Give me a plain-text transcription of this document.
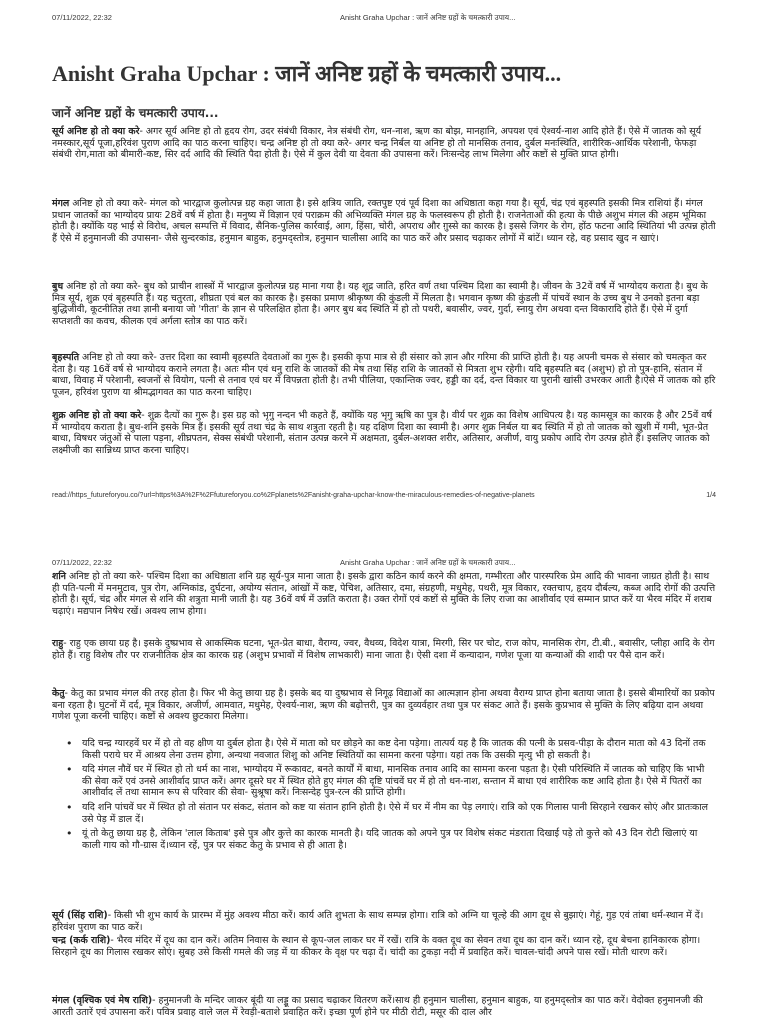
07/11/2022, 22:32	Anisht Graha Upchar : जानें अनिष्ट ग्रहों के चमत्कारी उपाय...
Anisht Graha Upchar : जानें अनिष्ट ग्रहों के चमत्कारी उपाय...
जानें अनिष्ट ग्रहों के चमत्कारी उपाय...
सूर्य अनिष्ट हो तो क्या करे- अगर सूर्य अनिष्ट हो तो हृदय रोग, उदर संबंधी विकार, नेत्र संबंधी रोग, धन-नाश, ऋण का बोझ, मानहानि, अपयश एवं ऐश्वर्य-नाश आदि होते हैं। ऐसे में जातक को सूर्य नमस्कार,सूर्य पूजा,हरिवंश पुराण आदि का पाठ करना चाहिए। चन्द्र अनिष्ट हो तो क्या करे- अगर चन्द्र निर्बल या अनिष्ट हो तो मानसिक तनाव, दुर्बल मनःस्थिति, शारीरिक-आर्थिक परेशानी, फेफड़ा संबंधी रोग,माता को बीमारी-कष्ट, सिर दर्द आदि की स्थिति पैदा होती है। ऐसे में कुल देवी या देवता की उपासना करें। निःसन्देह लाभ मिलेगा और कष्टों से मुक्ति प्राप्त होगी।
मंगल अनिष्ट हो तो क्या करे- मंगल को भारद्वाज कुलोत्पन्न ग्रह कहा जाता है। इसे क्षत्रिय जाति, रक्तपुष्ट एवं पूर्व दिशा का अधिष्ठाता कहा गया है। सूर्य, चंद्र एवं बृहस्पति इसकी मित्र राशियां हैं। मंगल प्रधान जातकों का भाग्योदय प्रायः 28वें वर्ष में होता है। मनुष्य में विज्ञान एवं पराक्रम की अभिव्यक्ति मंगल ग्रह के फलस्वरूप ही होती है। राजनेताओं की हत्या के पीछे अशुभ मंगल की अहम भूमिका होती है। क्योंकि यह भाई से विरोध, अचल सम्पत्ति में विवाद, सैनिक-पुलिस कार्रवाई, आग, हिंसा, चोरी, अपराध और ग़ुस्से का कारक है। इससे जिगर के रोग, होंठ फटना आदि स्थितियां भी उत्पन्न होती हैं ऐसे में हनुमानजी की उपासना- जैसे सुन्दरकांड, हनुमान बाहुक, हनुमद्स्तोत्र, हनुमान चालीसा आदि का पाठ करें और प्रसाद चढ़ाकर लोगों में बांटें। ध्यान रहे, वह प्रसाद खुद न खाएं।
बुध अनिष्ट हो तो क्या करे- बुध को प्राचीन शास्त्रों में भारद्वाज कुलोत्पन्न ग्रह माना गया है। यह शूद्र जाति, हरित वर्ण तथा पश्चिम दिशा का स्वामी है। जीवन के 32वें वर्ष में भाग्योदय कराता है। बुध के मित्र सूर्य, शुक्र एवं बृहस्पति हैं। यह चतुरता, शीघ्रता एवं बल का कारक है। इसका प्रमाण श्रीकृष्ण की कुंडली में मिलता है। भगवान कृष्ण की कुंडली में पांचवें स्थान के उच्च बुध ने उनको इतना बड़ा बुद्धिजीवी, कूटनीतिज्ञ तथा ज्ञानी बनाया जो 'गीता' के ज्ञान से परिलक्षित होता है। अगर बुध बद स्थिति में हो तो पथरी, बवासीर, ज्वर, गुर्दा, स्नायु रोग अथवा दन्त विकारादि होते हैं। ऐसे में दुर्गा सप्तशती का कवच, कीलक एवं अर्गला स्तोत्र का पाठ करें।
बृहस्पति अनिष्ट हो तो क्या करे- उत्तर दिशा का स्वामी बृहस्पति देवताओं का गुरू है। इसकी कृपा मात्र से ही संसार को ज्ञान और गरिमा की प्राप्ति होती है। यह अपनी चमक से संसार को चमत्कृत कर देता है। यह 16वें वर्ष से भाग्योदय कराने लगता है। अतः मीन एवं धनु राशि के जातकों की मेष तथा सिंह राशि के जातकों से मित्रता शुभ रहेगी। यदि बृहस्पति बद (अशुभ) हो तो पुत्र-हानि, संतान में बाधा, विवाह में परेशानी, स्वजनों से वियोग, पत्नी से तनाव एवं घर में विपन्नता होती है। तभी पीलिया, एकान्तिक ज्वर, हड्डी का दर्द, दन्त विकार या पुरानी खांसी उभरकर आती है।ऐसे में जातक को हरि पूजन, हरिवंश पुराण या श्रीमद्भागवत का पाठ करना चाहिए।
शुक्र अनिष्ट हो तो क्या करे- शुक्र दैत्यों का गुरू है। इस ग्रह को भृगु नन्दन भी कहते हैं, क्योंकि यह भृगु ऋषि का पुत्र है। वीर्य पर शुक्र का विशेष आधिपत्य है। यह कामसूत्र का कारक है और 25वें वर्ष में भाग्योदय कराता है। बुध-शनि इसके मित्र हैं। इसकी सूर्य तथा चंद्र के साथ शत्रुता रहती है। यह दक्षिण दिशा का स्वामी है। अगर शुक्र निर्बल या बद स्थिति में हो तो जातक को खुशी में गमी, भूत-प्रेत बाधा, विषधर जंतुओं से पाला पड़ना, शीघ्रपतन, सेक्स संबंधी परेशानी, संतान उत्पन्न करने में अक्षमता, दुर्बल-अशक्त शरीर, अतिसार, अजीर्ण, वायु प्रकोप आदि रोग उत्पन्न होते हैं। इसलिए जातक को लक्ष्मीजी का सान्निध्य प्राप्त करना चाहिए।
read://https_futureforyou.co/?url=https%3A%2F%2Ffutureforyou.co%2Fplanets%2Fanisht-graha-upchar-know-the-miraculous-remedies-of-negative-planets	1/4
07/11/2022, 22:32	Anisht Graha Upchar : जानें अनिष्ट ग्रहों के चमत्कारी उपाय...
शनि अनिष्ट हो तो क्या करे- पश्चिम दिशा का अधिष्ठाता शनि ग्रह सूर्य-पुत्र माना जाता है। इसके द्वारा कठिन कार्य करने की क्षमता, गम्भीरता और पारस्परिक प्रेम आदि की भावना जाग्रत होती है। साथ ही पति-पत्नी में मनमुटाव, पुत्र रोग, अग्निकांड, दुर्घटना, अयोग्य संतान, आंखों में कष्ट, पेचिश, अतिसार, दमा, संग्रहणी, मधुमेह, पथरी, मूत्र विकार, रक्तचाप, हृदय दौर्बल्य, कब्ज आदि रोगों की उत्पत्ति होती है। सूर्य, चंद्र और मंगल से शनि की शत्रुता मानी जाती है। यह 36वें वर्ष में उन्नति कराता है। उक्त रोगों एवं कष्टों से मुक्ति के लिए राजा का आशीर्वाद एवं सम्मान प्राप्त करें या भैरव मंदिर में शराब चढ़ाएं। मद्यपान निषेध रखें। अवश्य लाभ होगा।
राहु- राहु एक छाया ग्रह है। इसके दुष्प्रभाव से आकस्मिक घटना, भूत-प्रेत बाधा, वैराग्य, ज्वर, वैधव्य, विदेश यात्रा, मिरगी, सिर पर चोट, राज कोप, मानसिक रोग, टी.बी., बवासीर, प्लीहा आदि के रोग होते हैं। राहु विशेष तौर पर राजनीतिक क्षेत्र का कारक ग्रह (अशुभ प्रभावों में विशेष लाभकारी) माना जाता है। ऐसी दशा में कन्यादान, गणेश पूजा या कन्याओं की शादी पर पैसे दान करें।
केतु- केतु का प्रभाव मंगल की तरह होता है। फिर भी केतु छाया ग्रह है। इसके बद या दुष्प्रभाव से निगूढ़ विद्याओं का आत्मज्ञान होना अथवा वैराग्य प्राप्त होना बताया जाता है। इससे बीमारियों का प्रकोप बना रहता है। घुटनों में दर्द, मूत्र विकार, अजीर्ण, आमवात, मधुमेह, ऐश्वर्य-नाश, ऋण की बढ़ोत्तरी, पुत्र का दुव्यर्वहार तथा पुत्र पर संकट आते हैं। इसके कुप्रभाव से मुक्ति के लिए बढ़िया दान अथवा गणेश पूजा करनी चाहिए। कष्टों से अवश्य छुटकारा मिलेगा।
• यदि चन्द्र ग्यारहवें घर में हो तो वह क्षीण या दुर्बल होता है। ऐसे में माता को घर छोड़ने का कष्ट देना पड़ेगा। तात्पर्य यह है कि जातक की पत्नी के प्रसव-पीड़ा के दौरान माता को 43 दिनों तक किसी पराये घर में आश्रय लेना उत्तम होगा, अन्यथा नवजात शिशु को अनिष्ट स्थितियों का सामना करना पड़ेगा। यहां तक कि उसकी मृत्यु भी हो सकती है।
• यदि मंगल नौवें घर में स्थित हो तो धर्म का नाश, भाग्योदय में रूकावट, बनते कार्यों में बाधा, मानसिक तनाव आदि का सामना करना पड़ता है। ऐसी परिस्थिति में जातक को चाहिए कि भाभी की सेवा करें एवं उनसे आशीर्वाद प्राप्त करें। अगर दूसरे घर में स्थित होते हुए मंगल की दृष्टि पांचवें घर में हो तो धन-नाश, सन्तान में बाधा एवं शारीरिक कष्ट आदि होता है। ऐसे में पितरों का आशीर्वाद लें तथा सामान रूप से परिवार की सेवा- सुश्रूषा करें। निःसन्देह पुत्र-रत्न की प्राप्ति होगी।
• यदि शनि पांचवें घर में स्थित हो तो संतान पर संकट, संतान को कष्ट या संतान हानि होती है। ऐसे में घर में नीम का पेड़ लगाएं। रात्रि को एक गिलास पानी सिरहाने रखकर सोएं और प्रातःकाल उसे पेड़ में डाल दें।
• यूं तो केतु छाया ग्रह है, लेकिन 'लाल किताब' इसे पुत्र और कुत्ते का कारक मानती है। यदि जातक को अपने पुत्र पर विशेष संकट मंडराता दिखाई पड़े तो कुत्ते को 43 दिन रोटी खिलाएं या काली गाय को गौ-ग्रास दें।ध्यान रहें, पुत्र पर संकट केतु के प्रभाव से ही आता है।
सूर्य (सिंह राशि)- किसी भी शुभ कार्य के प्रारम्भ में मुंह अवश्य मीठा करें। कार्य अति शुभता के साथ सम्पन्न होगा। रात्रि को अग्नि या चूल्हे की आग दूध से बुझाएं। गेहूं, गुड़ एवं तांबा धर्म-स्थान में दें। हरिवंश पुराण का पाठ करें।
चन्द्र (कर्क राशि)- भैरव मंदिर में दूध का दान करें। अतिम निवास के स्थान से कूप-जल लाकर घर में रखें। रात्रि के वक्त दूध का सेवन तथा दूध का दान करें। ध्यान रहे, दूध बेचना हानिकारक होगा। सिरहाने दूध का गिलास रखकर सोएं। सुबह उसे किसी गमले की जड़ में या कीकर के वृक्ष पर चढ़ा दें। चांदी का टुकड़ा नदी में प्रवाहित करें। चावल-चांदी अपने पास रखें। मोती धारण करें।
मंगल (वृश्चिक एवं मेष राशि)- हनुमानजी के मन्दिर जाकर बूंदी या लड्डू का प्रसाद चढ़ाकर वितरण करें।साथ ही हनुमान चालीसा, हनुमान बाहुक, या हनुमद्स्तोत्र का पाठ करें। वेदोक्त हनुमानजी की आरती उतारें एवं उपासना करें। पवित्र प्रवाह वाले जल में रेवड़ी-बताशे प्रवाहित करें। इच्छा पूर्ण होने पर मीठी रोटी, मसूर की दाल और
